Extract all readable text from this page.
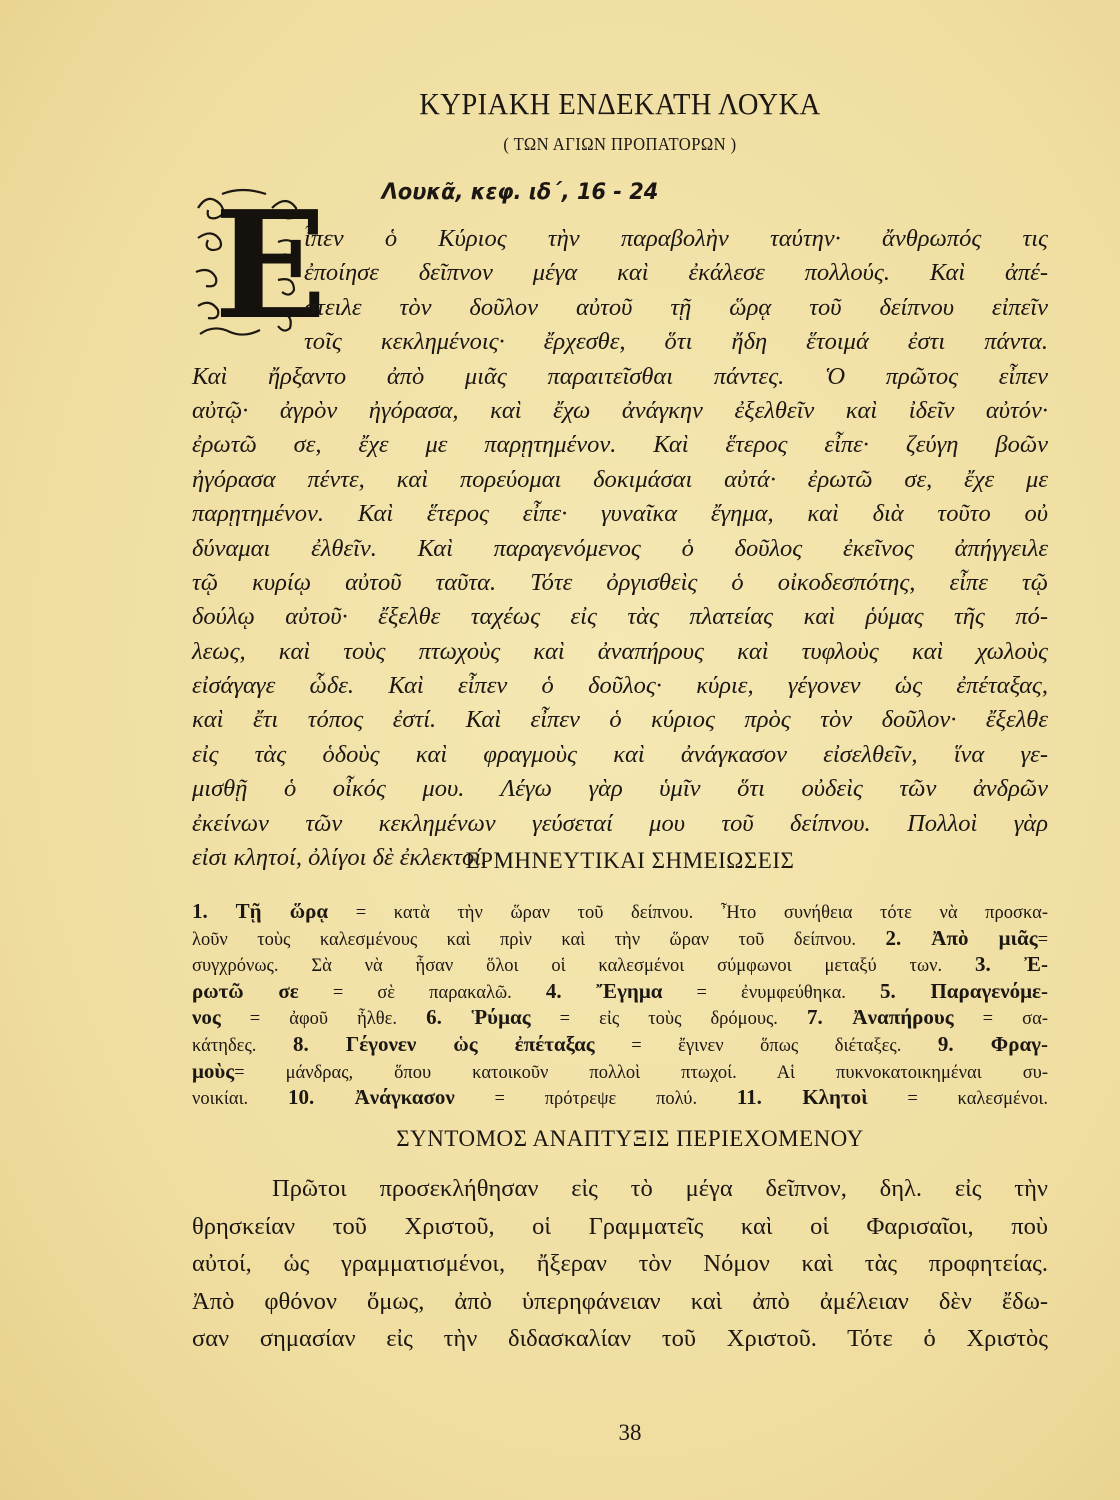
ΚΥΡΙΑΚΗ ΕΝΔΕΚΑΤΗ ΛΟΥΚΑ
( ΤΩΝ ΑΓΙΩΝ ΠΡΟΠΑΤΟΡΩΝ )
Λουκᾶ, κεφ. ιδ´, 16 - 24
Ε
ἶπεν ὁ Κύριος τὴν παραβολὴν ταύτην· ἄνθρωπός τις
ἐποίησε δεῖπνον μέγα καὶ ἐκάλεσε πολλούς. Καὶ ἀπέ-
στειλε τὸν δοῦλον αὐτοῦ τῇ ὥρᾳ τοῦ δείπνου εἰπεῖν
τοῖς κεκλημένοις· ἔρχεσθε, ὅτι ἤδη ἕτοιμά ἐστι πάντα.
Καὶ ἤρξαντο ἀπὸ μιᾶς παραιτεῖσθαι πάντες. Ὁ πρῶτος εἶπεν
αὐτῷ· ἀγρὸν ἠγόρασα, καὶ ἔχω ἀνάγκην ἐξελθεῖν καὶ ἰδεῖν αὐτόν·
ἐρωτῶ σε, ἔχε με παρῃτημένον. Καὶ ἕτερος εἶπε· ζεύγη βοῶν
ἠγόρασα πέντε, καὶ πορεύομαι δοκιμάσαι αὐτά· ἐρωτῶ σε, ἔχε με
παρῃτημένον. Καὶ ἕτερος εἶπε· γυναῖκα ἔγημα, καὶ διὰ τοῦτο οὐ
δύναμαι ἐλθεῖν. Καὶ παραγενόμενος ὁ δοῦλος ἐκεῖνος ἀπήγγειλε
τῷ κυρίῳ αὐτοῦ ταῦτα. Τότε ὀργισθεὶς ὁ οἰκοδεσπότης, εἶπε τῷ
δούλῳ αὐτοῦ· ἔξελθε ταχέως εἰς τὰς πλατείας καὶ ῥύμας τῆς πό-
λεως, καὶ τοὺς πτωχοὺς καὶ ἀναπήρους καὶ τυφλοὺς καὶ χωλοὺς
εἰσάγαγε ὧδε. Καὶ εἶπεν ὁ δοῦλος· κύριε, γέγονεν ὡς ἐπέταξας,
καὶ ἔτι τόπος ἐστί. Καὶ εἶπεν ὁ κύριος πρὸς τὸν δοῦλον· ἔξελθε
εἰς τὰς ὁδοὺς καὶ φραγμοὺς καὶ ἀνάγκασον εἰσελθεῖν, ἵνα γε-
μισθῇ ὁ οἶκός μου. Λέγω γὰρ ὑμῖν ὅτι οὐδεὶς τῶν ἀνδρῶν
ἐκείνων τῶν κεκλημένων γεύσεταί μου τοῦ δείπνου. Πολλοὶ γὰρ
εἰσι κλητοί, ὀλίγοι δὲ ἐκλεκτοί.
ΕΡΜΗΝΕΥΤΙΚΑΙ ΣΗΜΕΙΩΣΕΙΣ
1. Τῇ ὥρᾳ = κατὰ τὴν ὥραν τοῦ δείπνου. Ἦτο συνήθεια τότε νὰ προσκα-
λοῦν τοὺς καλεσμένους καὶ πρὶν καὶ τὴν ὥραν τοῦ δείπνου. 2. Ἀπὸ μιᾶς=
συγχρόνως. Σὰ νὰ ἦσαν ὅλοι οἱ καλεσμένοι σύμφωνοι μεταξύ των. 3. Ἐ-
ρωτῶ σε = σὲ παρακαλῶ. 4. Ἔγημα = ἐνυμφεύθηκα. 5. Παραγενόμε-
νος = ἀφοῦ ἦλθε. 6. Ῥύμας = εἰς τοὺς δρόμους. 7. Ἀναπήρους = σα-
κάτηδες. 8. Γέγονεν ὡς ἐπέταξας = ἔγινεν ὅπως διέταξες. 9. Φραγ-
μοὺς= μάνδρας, ὅπου κατοικοῦν πολλοὶ πτωχοί. Αἱ πυκνοκατοικημέναι συ-
νοικίαι. 10. Ἀνάγκασον = πρότρεψε πολύ. 11. Κλητοὶ = καλεσμένοι.
ΣΥΝΤΟΜΟΣ ΑΝΑΠΤΥΞΙΣ ΠΕΡΙΕΧΟΜΕΝΟΥ
Πρῶτοι προσεκλήθησαν εἰς τὸ μέγα δεῖπνον, δηλ. εἰς τὴν
θρησκείαν τοῦ Χριστοῦ, οἱ Γραμματεῖς καὶ οἱ Φαρισαῖοι, ποὺ
αὐτοί, ὡς γραμματισμένοι, ἤξεραν τὸν Νόμον καὶ τὰς προφητείας.
Ἀπὸ φθόνον ὅμως, ἀπὸ ὑπερηφάνειαν καὶ ἀπὸ ἀμέλειαν δὲν ἔδω-
σαν σημασίαν εἰς τὴν διδασκαλίαν τοῦ Χριστοῦ. Τότε ὁ Χριστὸς
38
